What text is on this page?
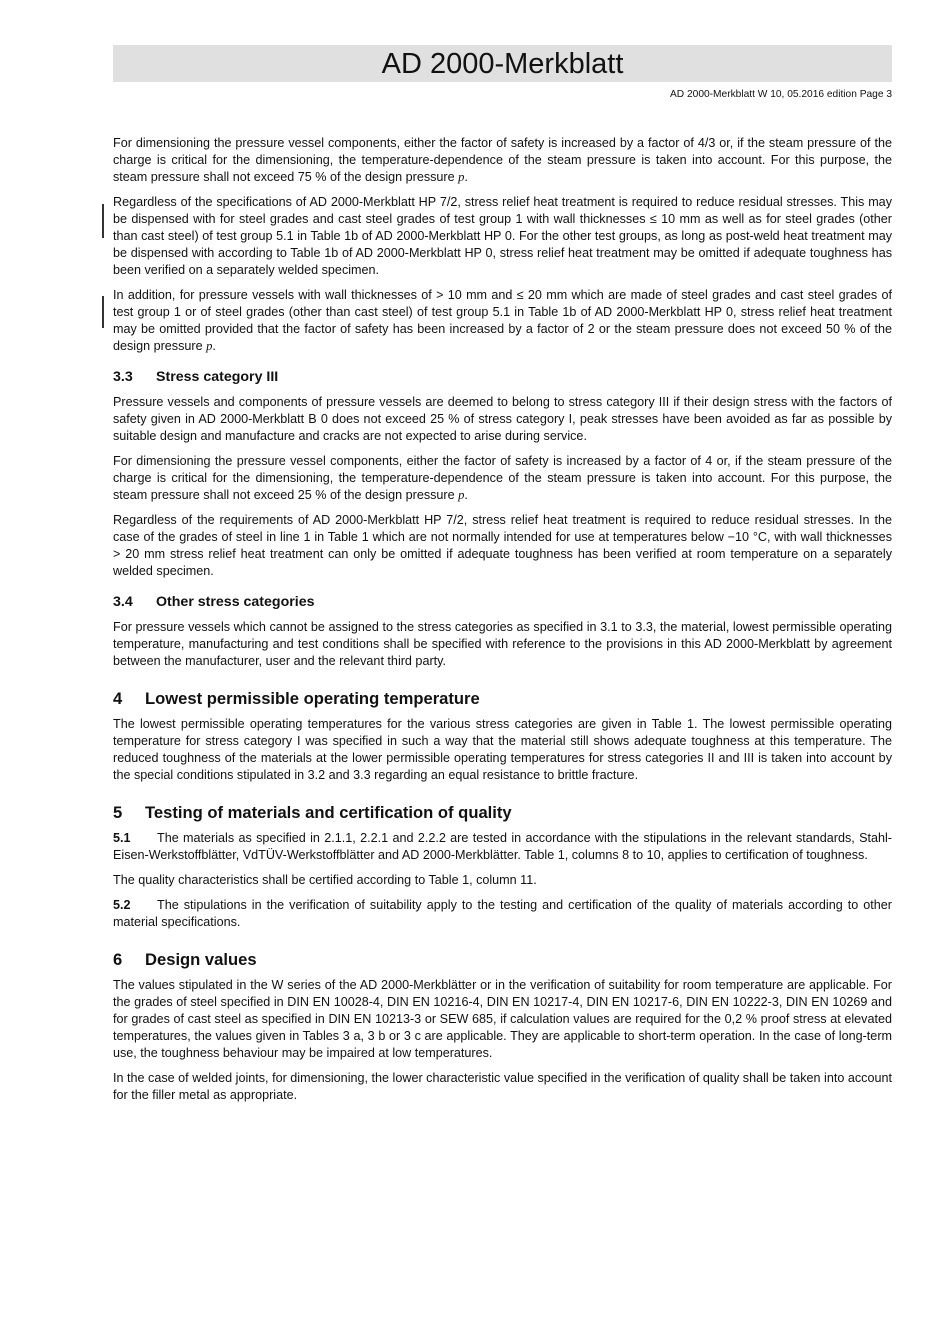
AD 2000-Merkblatt
AD 2000-Merkblatt W 10, 05.2016 edition Page 3

For dimensioning the pressure vessel components, either the factor of safety is increased by a factor of 4/3 or, if the steam pressure of the charge is critical for the dimensioning, the temperature-dependence of the steam pressure is taken into account. For this purpose, the steam pressure shall not exceed 75 % of the design pressure p.

Regardless of the specifications of AD 2000-Merkblatt HP 7/2, stress relief heat treatment is required to reduce residual stresses. This may be dispensed with for steel grades and cast steel grades of test group 1 with wall thicknesses ≤ 10 mm as well as for steel grades (other than cast steel) of test group 5.1 in Table 1b of AD 2000-Merkblatt HP 0. For the other test groups, as long as post-weld heat treatment may be dispensed with according to Table 1b of AD 2000-Merkblatt HP 0, stress relief heat treatment may be omitted if adequate toughness has been verified on a separately welded specimen.

In addition, for pressure vessels with wall thicknesses of > 10 mm and ≤ 20 mm which are made of steel grades and cast steel grades of test group 1 or of steel grades (other than cast steel) of test group 5.1 in Table 1b of AD 2000-Merkblatt HP 0, stress relief heat treatment may be omitted provided that the factor of safety has been increased by a factor of 2 or the steam pressure does not exceed 50 % of the design pressure p.

3.3 Stress category III

Pressure vessels and components of pressure vessels are deemed to belong to stress category III if their design stress with the factors of safety given in AD 2000-Merkblatt B 0 does not exceed 25 % of stress category I, peak stresses have been avoided as far as possible by suitable design and manufacture and cracks are not expected to arise during service.

For dimensioning the pressure vessel components, either the factor of safety is increased by a factor of 4 or, if the steam pressure of the charge is critical for the dimensioning, the temperature-dependence of the steam pressure is taken into account. For this purpose, the steam pressure shall not exceed 25 % of the design pressure p.

Regardless of the requirements of AD 2000-Merkblatt HP 7/2, stress relief heat treatment is required to reduce residual stresses. In the case of the grades of steel in line 1 in Table 1 which are not normally intended for use at temperatures below −10 °C, with wall thicknesses > 20 mm stress relief heat treatment can only be omitted if adequate toughness has been verified at room temperature on a separately welded specimen.

3.4 Other stress categories

For pressure vessels which cannot be assigned to the stress categories as specified in 3.1 to 3.3, the material, lowest permissible operating temperature, manufacturing and test conditions shall be specified with reference to the provisions in this AD 2000-Merkblatt by agreement between the manufacturer, user and the relevant third party.

4 Lowest permissible operating temperature

The lowest permissible operating temperatures for the various stress categories are given in Table 1. The lowest permissible operating temperature for stress category I was specified in such a way that the material still shows adequate toughness at this temperature. The reduced toughness of the materials at the lower permissible operating temperatures for stress categories II and III is taken into account by the special conditions stipulated in 3.2 and 3.3 regarding an equal resistance to brittle fracture.

5 Testing of materials and certification of quality

5.1 The materials as specified in 2.1.1, 2.2.1 and 2.2.2 are tested in accordance with the stipulations in the relevant standards, Stahl-Eisen-Werkstoffblätter, VdTÜV-Werkstoffblätter and AD 2000-Merkblätter. Table 1, columns 8 to 10, applies to certification of toughness.

The quality characteristics shall be certified according to Table 1, column 11.

5.2 The stipulations in the verification of suitability apply to the testing and certification of the quality of materials according to other material specifications.

6 Design values

The values stipulated in the W series of the AD 2000-Merkblätter or in the verification of suitability for room temperature are applicable. For the grades of steel specified in DIN EN 10028-4, DIN EN 10216-4, DIN EN 10217-4, DIN EN 10217-6, DIN EN 10222-3, DIN EN 10269 and for grades of cast steel as specified in DIN EN 10213-3 or SEW 685, if calculation values are required for the 0,2 % proof stress at elevated temperatures, the values given in Tables 3 a, 3 b or 3 c are applicable. They are applicable to short-term operation. In the case of long-term use, the toughness behaviour may be impaired at low temperatures.

In the case of welded joints, for dimensioning, the lower characteristic value specified in the verification of quality shall be taken into account for the filler metal as appropriate.
